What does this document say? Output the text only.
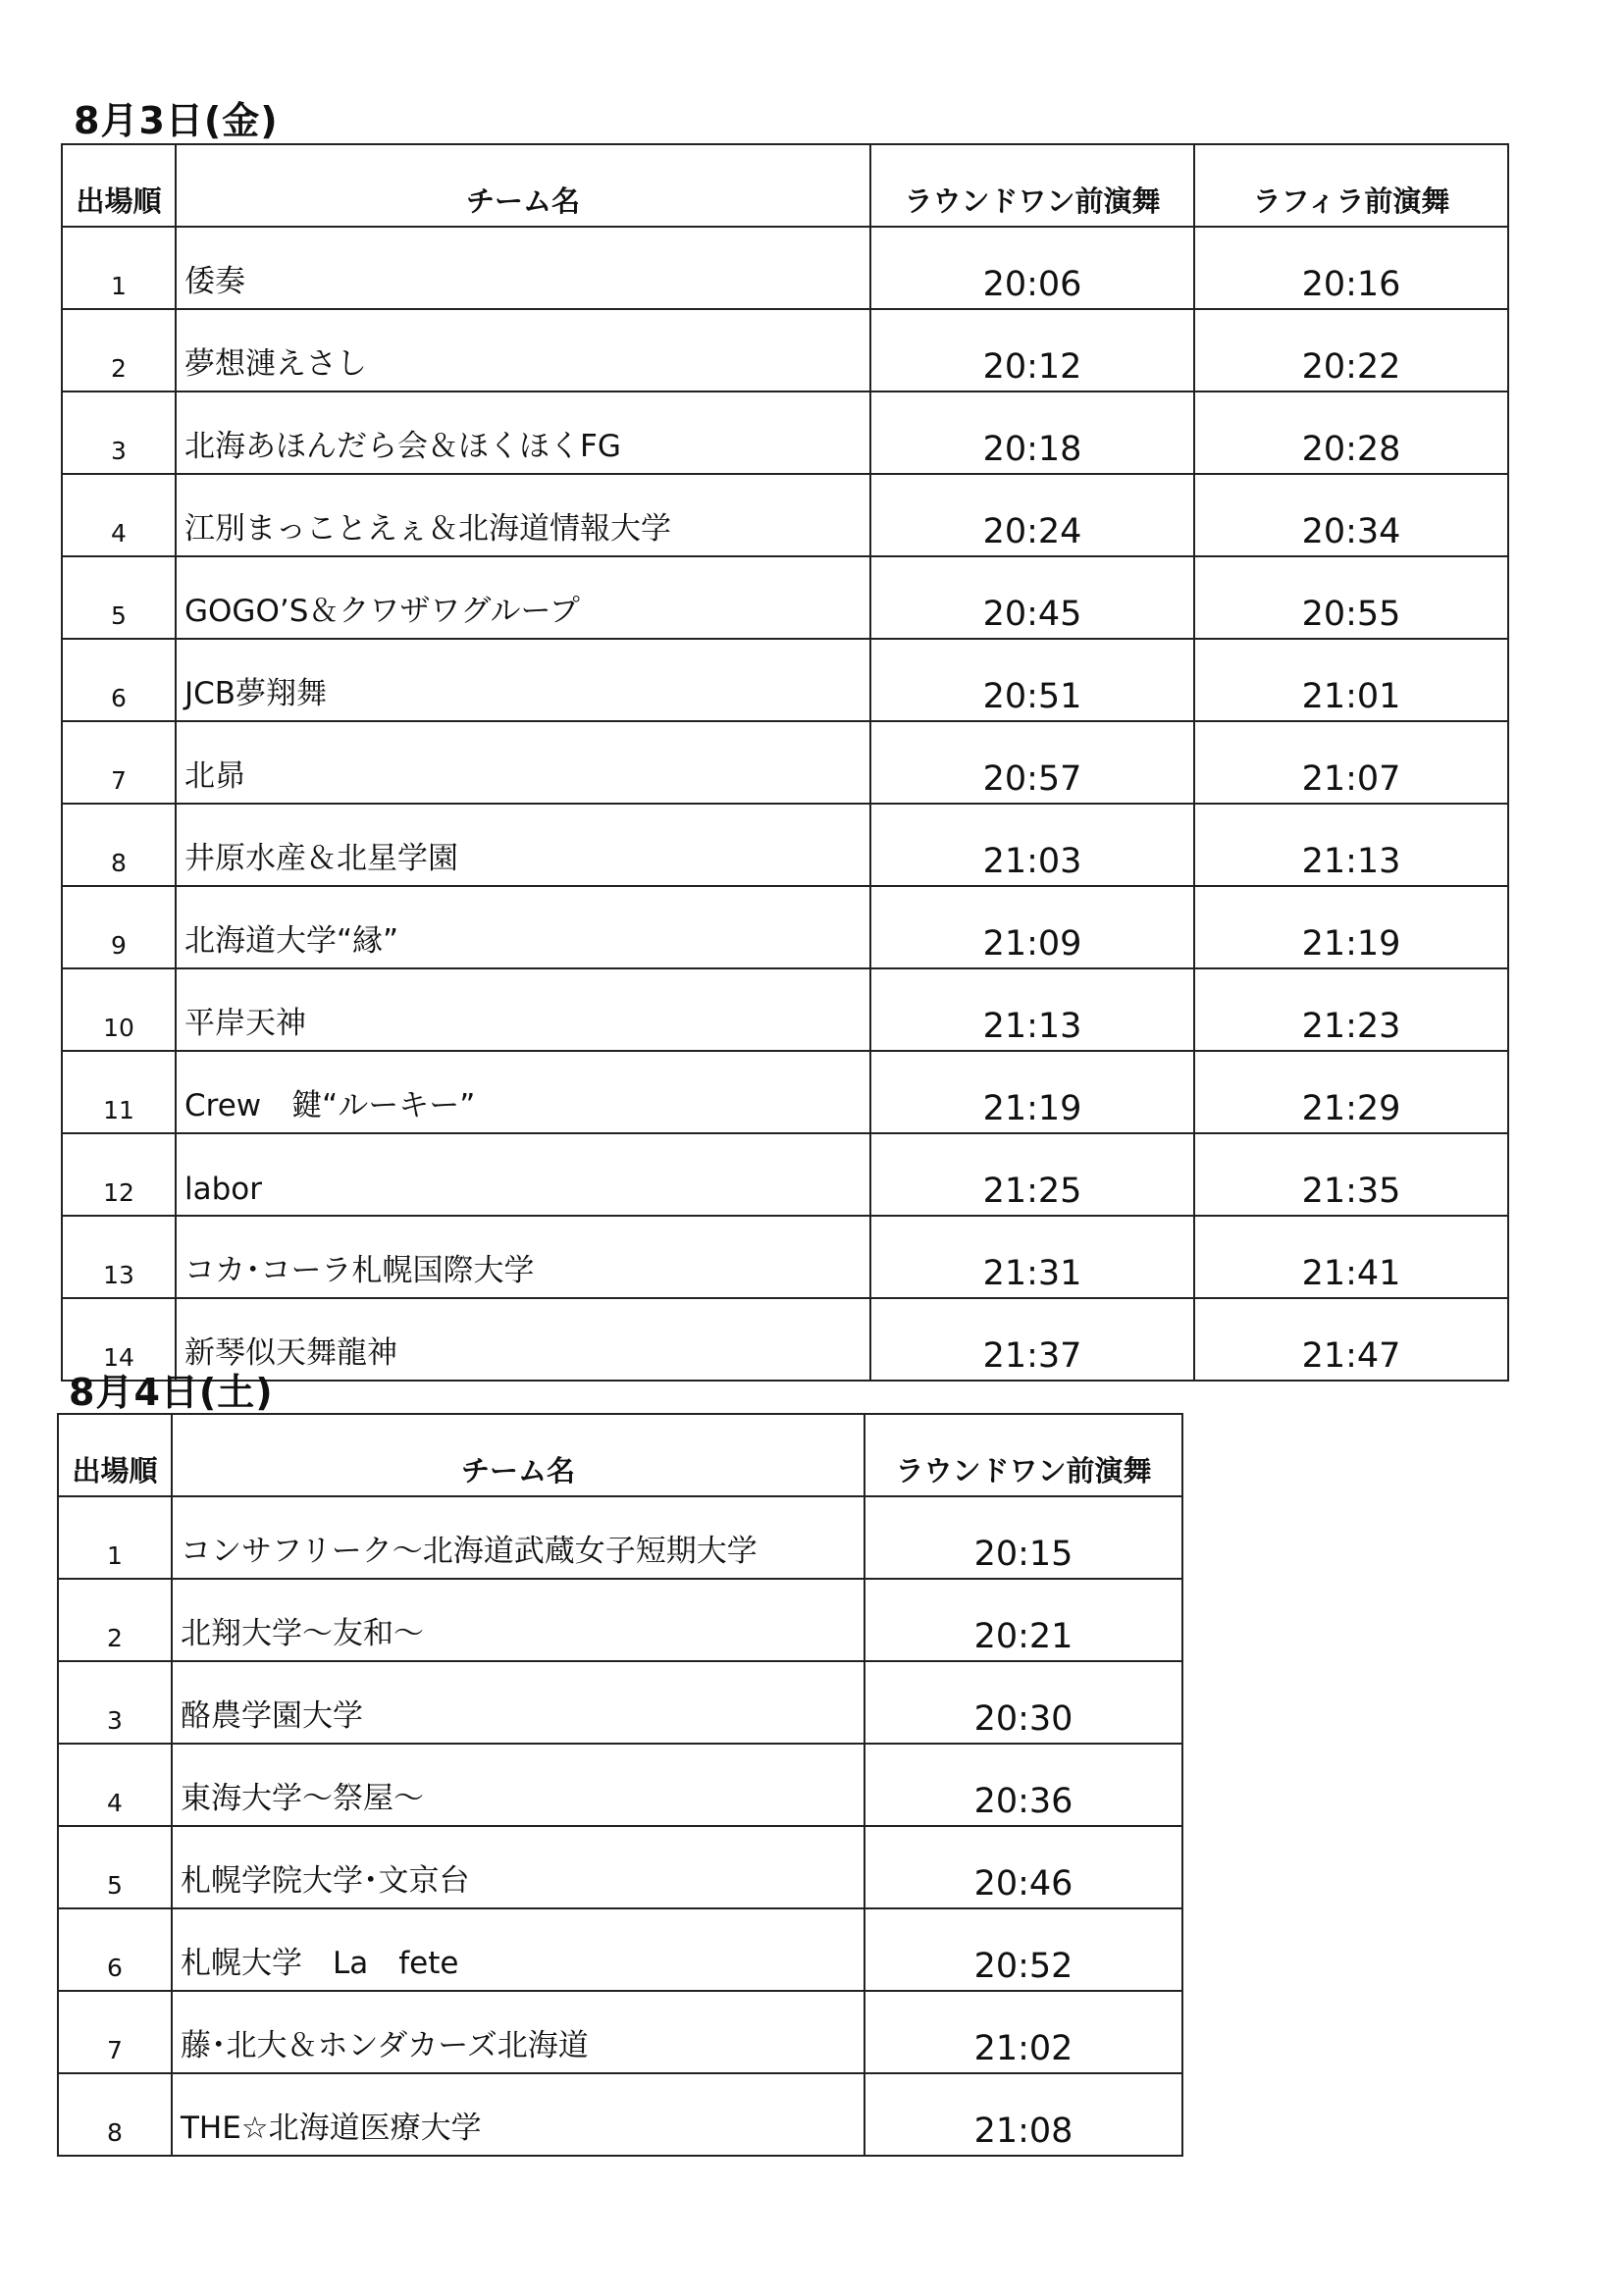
8月3日(金)
出場順	チーム名	ラウンドワン前演舞	ラフィラ前演舞
1	倭奏	20:06	20:16
2	夢想漣えさし	20:12	20:22
3	北海あほんだら会＆ほくほくFG	20:18	20:28
4	江別まっことえぇ＆北海道情報大学	20:24	20:34
5	GOGO’S＆クワザワグループ	20:45	20:55
6	JCB夢翔舞	20:51	21:01
7	北昴	20:57	21:07
8	井原水産＆北星学園	21:03	21:13
9	北海道大学“縁”	21:09	21:19
10	平岸天神	21:13	21:23
11	Crew　鍵“ルーキー”	21:19	21:29
12	labor	21:25	21:35
13	コカ･コーラ札幌国際大学	21:31	21:41
14	新琴似天舞龍神	21:37	21:47
8月4日(土)
出場順	チーム名	ラウンドワン前演舞
1	コンサフリーク～北海道武蔵女子短期大学	20:15
2	北翔大学～友和～	20:21
3	酪農学園大学	20:30
4	東海大学～祭屋～	20:36
5	札幌学院大学･文京台	20:46
6	札幌大学　La　fete	20:52
7	藤･北大＆ホンダカーズ北海道	21:02
8	THE☆北海道医療大学	21:08
